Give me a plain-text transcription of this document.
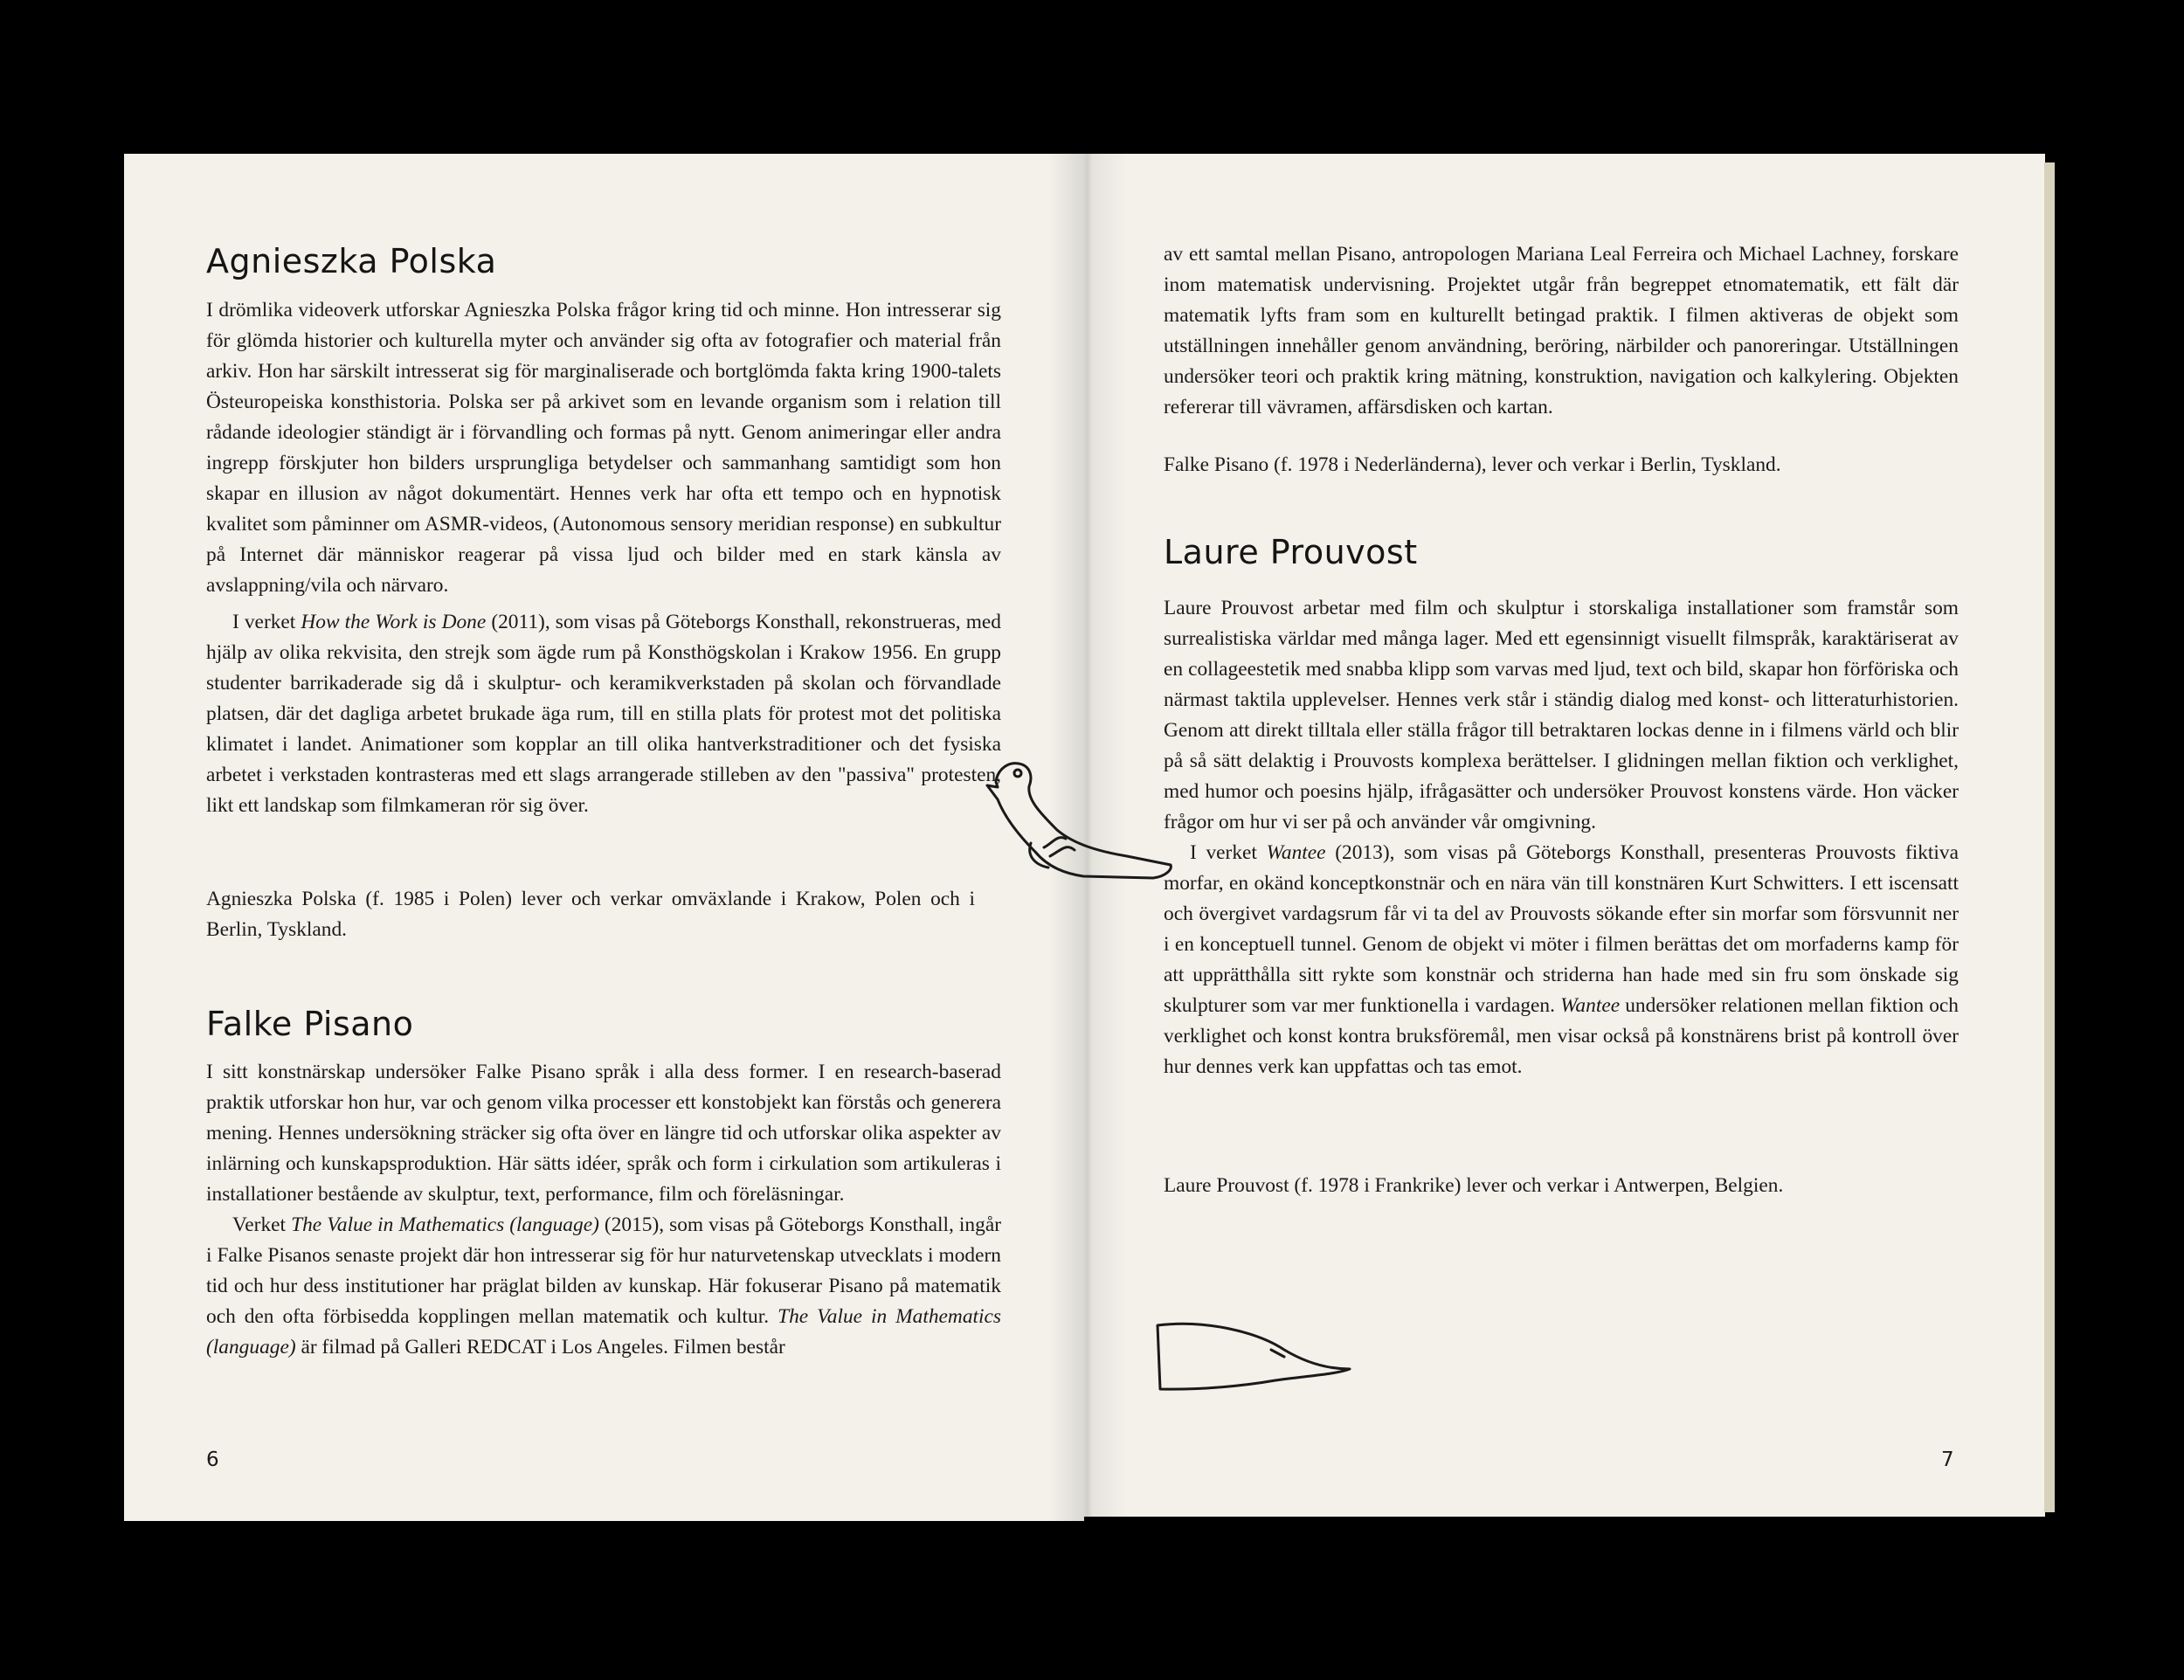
Agnieszka Polska

I drömlika videoverk utforskar Agnieszka Polska frågor kring tid och minne. Hon intresserar sig för glömda historier och kulturella myter och använder sig ofta av fotografier och material från arkiv. Hon har särskilt intresserat sig för marginaliserade och bortglömda fakta kring 1900-talets Östeuropeiska konsthistoria. Polska ser på arkivet som en levande organism som i relation till rådande ideologier ständigt är i förvandling och formas på nytt. Genom animeringar eller andra ingrepp förskjuter hon bilders ursprungliga betydelser och sammanhang samtidigt som hon skapar en illusion av något dokumentärt. Hennes verk har ofta ett tempo och en hypnotisk kvalitet som påminner om ASMR-videos, (Autonomous sensory meridian response) en subkultur på Internet där människor reagerar på vissa ljud och bilder med en stark känsla av avslappning/vila och närvaro.

I verket How the Work is Done (2011), som visas på Göteborgs Konsthall, rekonstrueras, med hjälp av olika rekvisita, den strejk som ägde rum på Konsthögskolan i Krakow 1956. En grupp studenter barrikaderade sig då i skulptur- och keramikverkstaden på skolan och förvandlade platsen, där det dagliga arbetet brukade äga rum, till en stilla plats för protest mot det politiska klimatet i landet. Animationer som kopplar an till olika hantverkstraditioner och det fysiska arbetet i verkstaden kontrasteras med ett slags arrangerade stilleben av den "passiva" protesten, likt ett landskap som filmkameran rör sig över.

Agnieszka Polska (f. 1985 i Polen) lever och verkar omväxlande i Krakow, Polen och i Berlin, Tyskland.

Falke Pisano

I sitt konstnärskap undersöker Falke Pisano språk i alla dess former. I en research-baserad praktik utforskar hon hur, var och genom vilka processer ett konstobjekt kan förstås och generera mening. Hennes undersökning sträcker sig ofta över en längre tid och utforskar olika aspekter av inlärning och kunskapsproduktion. Här sätts idéer, språk och form i cirkulation som artikuleras i installationer bestående av skulptur, text, performance, film och föreläsningar.

Verket The Value in Mathematics (language) (2015), som visas på Göteborgs Konsthall, ingår i Falke Pisanos senaste projekt där hon intresserar sig för hur naturvetenskap utvecklats i modern tid och hur dess institutioner har präglat bilden av kunskap. Här fokuserar Pisano på matematik och den ofta förbisedda kopplingen mellan matematik och kultur. The Value in Mathematics (language) är filmad på Galleri REDCAT i Los Angeles. Filmen består

6

av ett samtal mellan Pisano, antropologen Mariana Leal Ferreira och Michael Lachney, forskare inom matematisk undervisning. Projektet utgår från begreppet etnomatematik, ett fält där matematik lyfts fram som en kulturellt betingad praktik. I filmen aktiveras de objekt som utställningen innehåller genom användning, beröring, närbilder och panoreringar. Utställningen undersöker teori och praktik kring mätning, konstruktion, navigation och kalkylering. Objekten refererar till vävramen, affärsdisken och kartan.

Falke Pisano (f. 1978 i Nederländerna), lever och verkar i Berlin, Tyskland.

Laure Prouvost

Laure Prouvost arbetar med film och skulptur i storskaliga installationer som framstår som surrealistiska världar med många lager. Med ett egensinnigt visuellt filmspråk, karaktäriserat av en collageestetik med snabba klipp som varvas med ljud, text och bild, skapar hon förföriska och närmast taktila upplevelser. Hennes verk står i ständig dialog med konst- och litteraturhistorien. Genom att direkt tilltala eller ställa frågor till betraktaren lockas denne in i filmens värld och blir på så sätt delaktig i Prouvosts komplexa berättelser. I glidningen mellan fiktion och verklighet, med humor och poesins hjälp, ifrågasätter och undersöker Prouvost konstens värde. Hon väcker frågor om hur vi ser på och använder vår omgivning.

I verket Wantee (2013), som visas på Göteborgs Konsthall, presenteras Prouvosts fiktiva morfar, en okänd konceptkonstnär och en nära vän till konstnären Kurt Schwitters. I ett iscensatt och övergivet vardagsrum får vi ta del av Prouvosts sökande efter sin morfar som försvunnit ner i en konceptuell tunnel. Genom de objekt vi möter i filmen berättas det om morfaderns kamp för att upprätthålla sitt rykte som konstnär och striderna han hade med sin fru som önskade sig skulpturer som var mer funktionella i vardagen. Wantee undersöker relationen mellan fiktion och verklighet och konst kontra bruksföremål, men visar också på konstnärens brist på kontroll över hur dennes verk kan uppfattas och tas emot.

Laure Prouvost (f. 1978 i Frankrike) lever och verkar i Antwerpen, Belgien.

7
